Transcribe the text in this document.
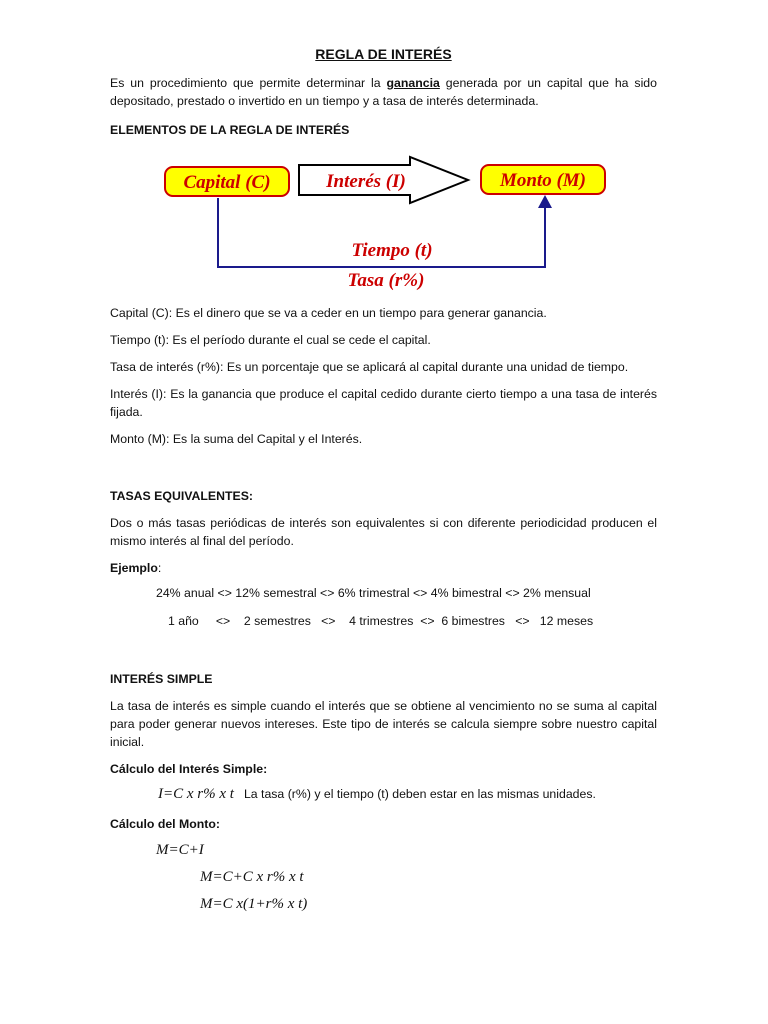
REGLA DE INTERÉS
Es un procedimiento que permite determinar la ganancia generada por un capital que ha sido depositado, prestado o invertido en un tiempo y a tasa de interés determinada.
ELEMENTOS DE LA REGLA DE INTERÉS
Capital (C)	Interés (I)	Monto (M)
Tiempo (t)
Tasa (r%)
Capital (C): Es el dinero que se va a ceder en un tiempo para generar ganancia.
Tiempo (t): Es el período durante el cual se cede el capital.
Tasa de interés (r%): Es un porcentaje que se aplicará al capital durante una unidad de tiempo.
Interés (I): Es la ganancia que produce el capital cedido durante cierto tiempo a una tasa de interés fijada.
Monto (M): Es la suma del Capital y el Interés.
TASAS EQUIVALENTES:
Dos o más tasas periódicas de interés son equivalentes si con diferente periodicidad producen el mismo interés al final del período.
Ejemplo:
24% anual <> 12% semestral <> 6% trimestral <> 4% bimestral <> 2% mensual
1 año     <>    2 semestres   <>    4 trimestres  <>  6 bimestres   <>   12 meses
INTERÉS SIMPLE
La tasa de interés es simple cuando el interés que se obtiene al vencimiento no se suma al capital para poder generar nuevos intereses. Este tipo de interés se calcula siempre sobre nuestro capital inicial.
Cálculo del Interés Simple:
I=C x r% x t La tasa (r%) y el tiempo (t) deben estar en las mismas unidades.
Cálculo del Monto:
M=C+I
M=C+C x r% x t
M=C x(1+r% x t)
